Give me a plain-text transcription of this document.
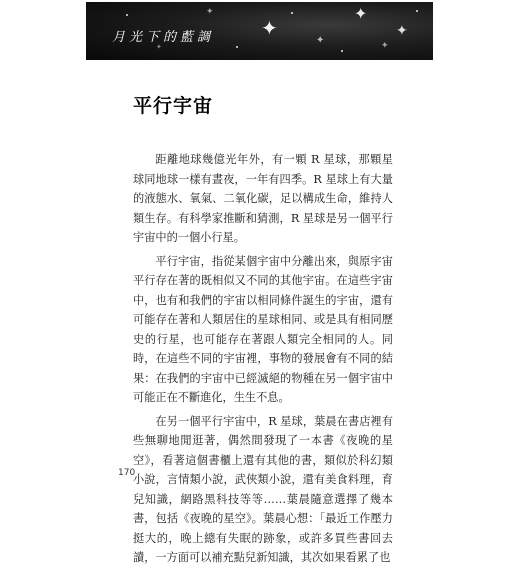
✦
✦
✦
✦
✦
✦
✦
月光下的藍調
平行宇宙

距離地球幾億光年外，有一顆 R 星球，那顆星球同地球一樣有晝夜，一年有四季。R 星球上有大量的液態水、氧氣、二氧化碳，足以構成生命，維持人類生存。有科學家推斷和猜測，R 星球是另一個平行宇宙中的一個小行星。

平行宇宙，指從某個宇宙中分離出來，與原宇宙平行存在著的既相似又不同的其他宇宙。在這些宇宙中，也有和我們的宇宙以相同條件誕生的宇宙，還有可能存在著和人類居住的星球相同、或是具有相同歷史的行星，也可能存在著跟人類完全相同的人。同時，在這些不同的宇宙裡，事物的發展會有不同的結果：在我們的宇宙中已經滅絕的物種在另一個宇宙中可能正在不斷進化，生生不息。

在另一個平行宇宙中，R 星球，葉晨在書店裡有些無聊地閒逛著，偶然間發現了一本書《夜晚的星空》，看著這個書櫃上還有其他的書，類似於科幻類小說，言情類小說，武俠類小說，還有美食料理，育兒知識，網路黑科技等等……葉晨隨意選擇了幾本書，包括《夜晚的星空》。葉晨心想：「最近工作壓力挺大的，晚上總有失眠的跡象，或許多買些書回去讀，一方面可以補充點兒新知識，其次如果看累了也

170
